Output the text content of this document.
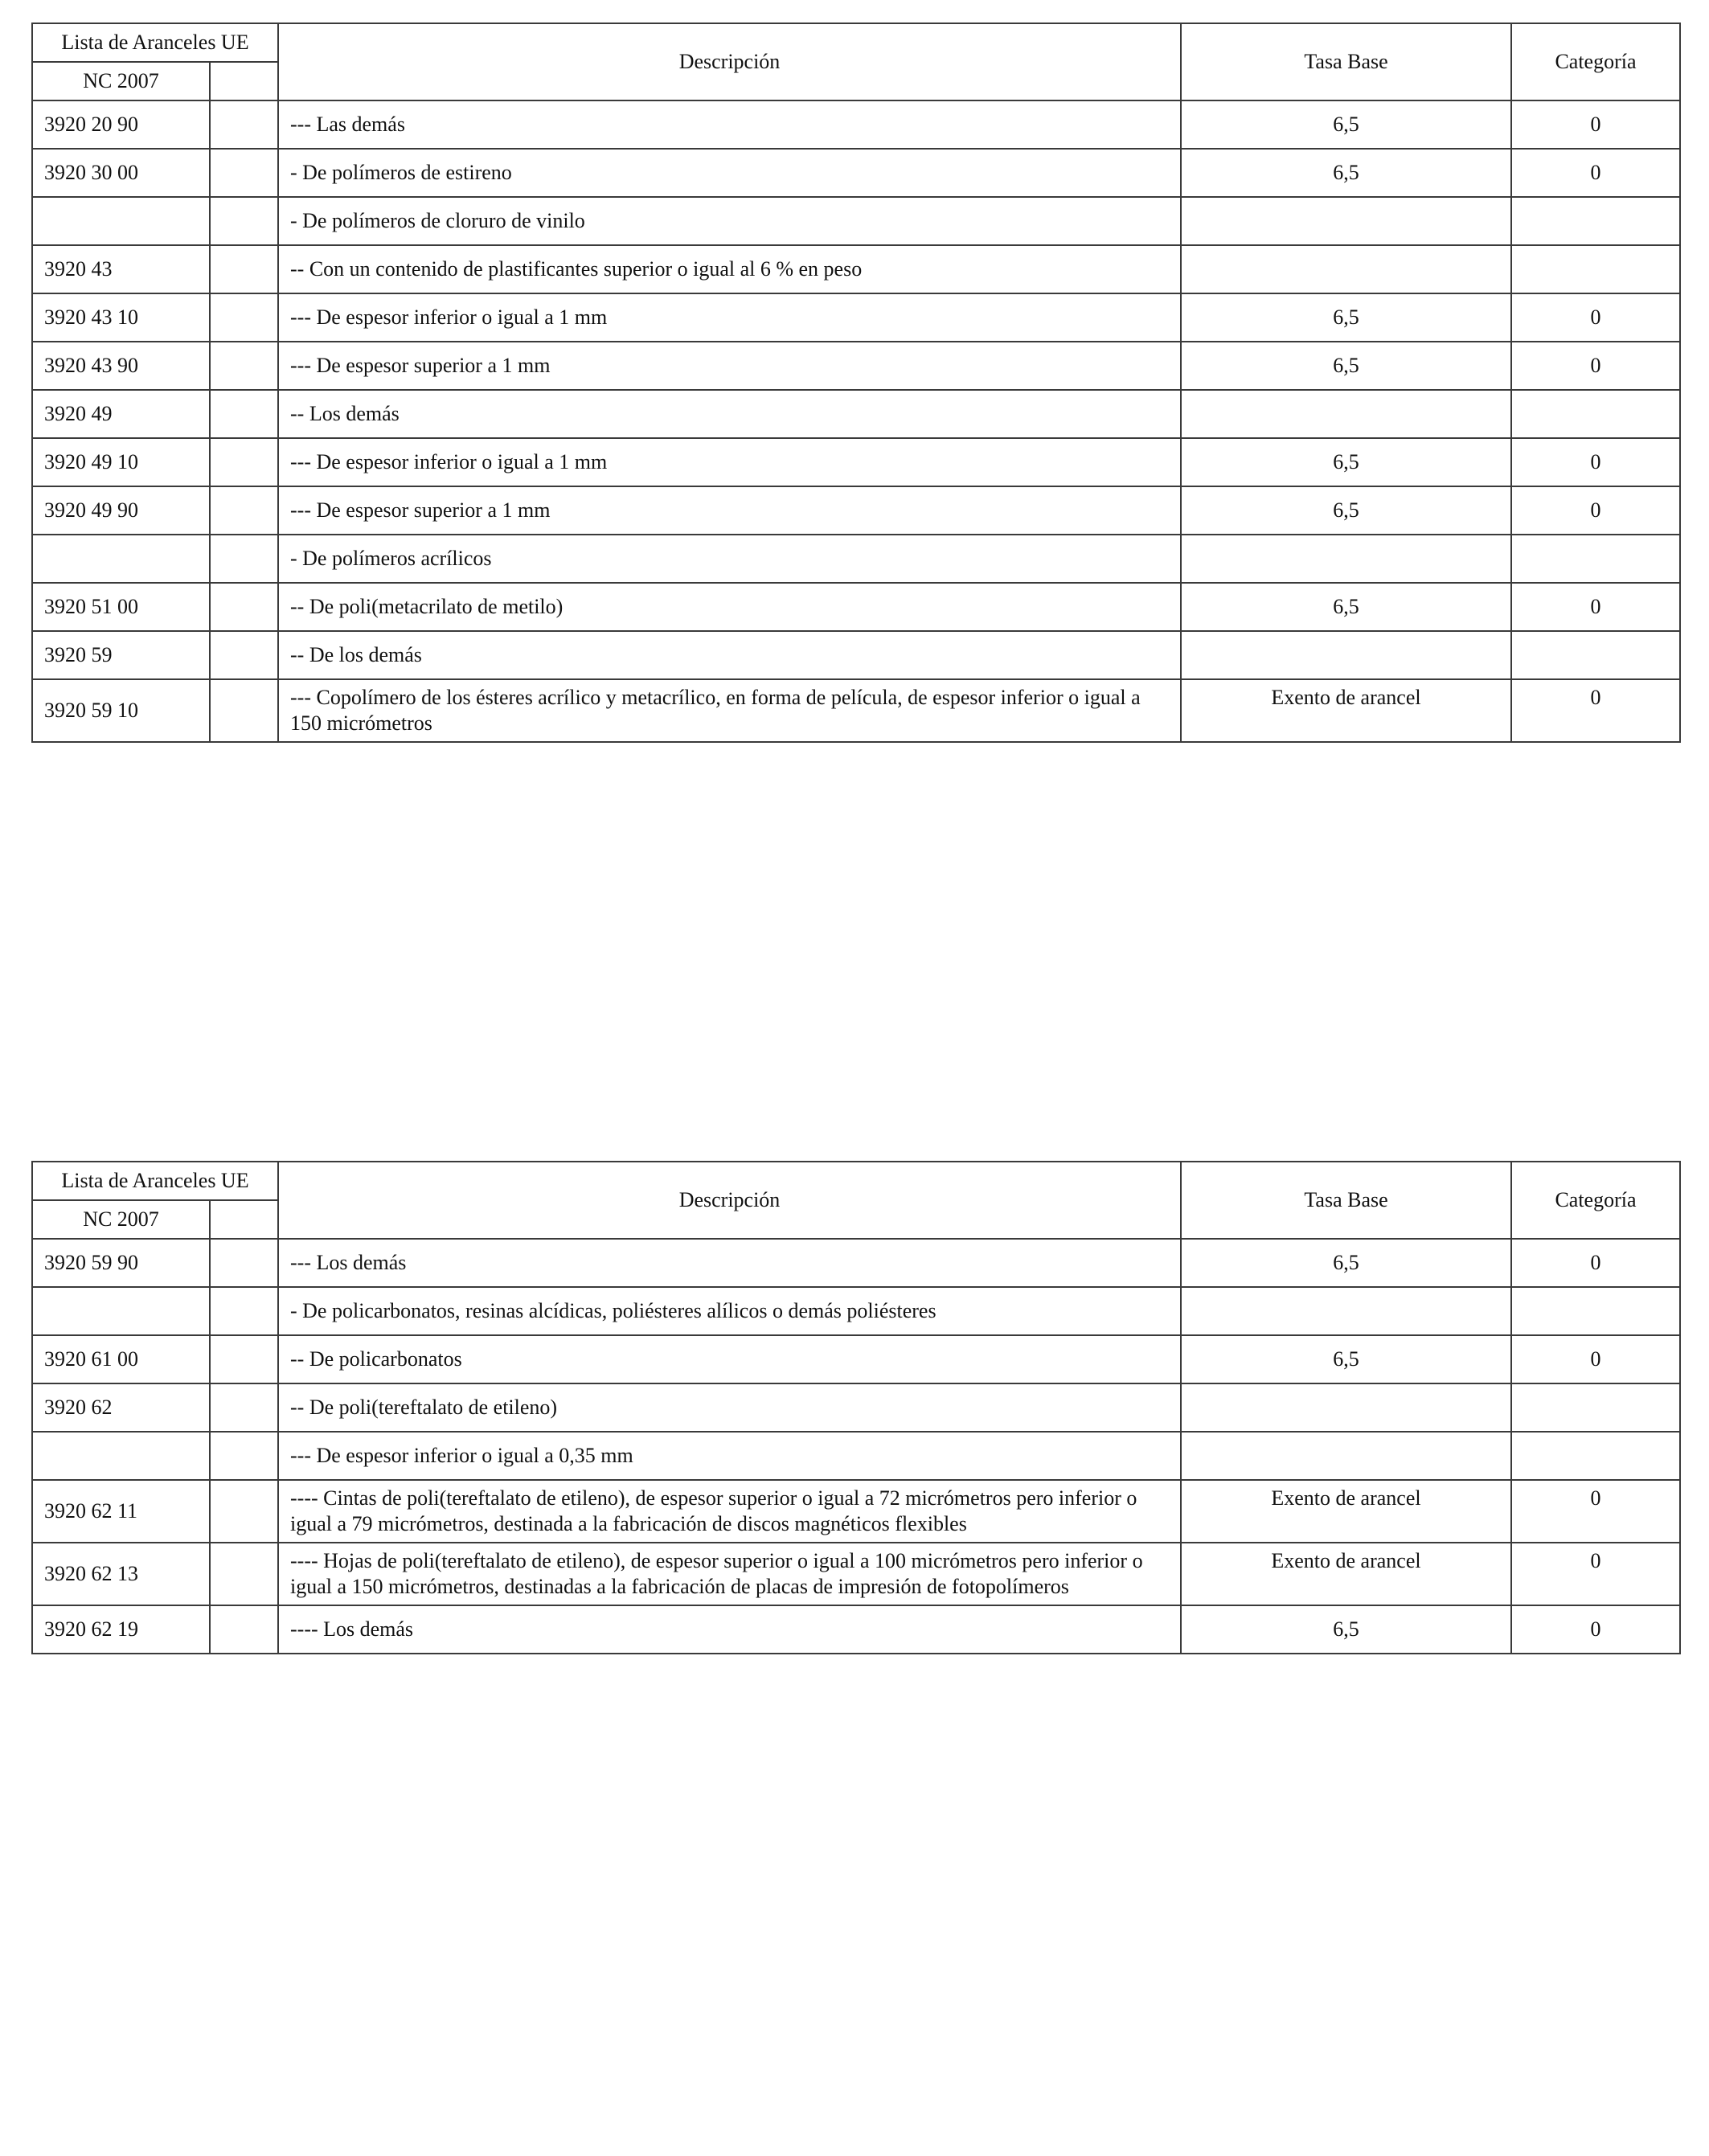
Lista de Aranceles UE		Descripción	Tasa Base	Categoría
NC 2007				
3920 20 90		--- Las demás	6,5	0
3920 30 00		- De polímeros de estireno	6,5	0
		- De polímeros de cloruro de vinilo		
3920 43		-- Con un contenido de plastificantes superior o igual al 6 % en peso		
3920 43 10		--- De espesor inferior o igual a 1 mm	6,5	0
3920 43 90		--- De espesor superior a 1 mm	6,5	0
3920 49		-- Los demás		
3920 49 10		--- De espesor inferior o igual a 1 mm	6,5	0
3920 49 90		--- De espesor superior a 1 mm	6,5	0
		- De polímeros acrílicos		
3920 51 00		-- De poli(metacrilato de metilo)	6,5	0
3920 59		-- De los demás		
3920 59 10		--- Copolímero de los ésteres acrílico y metacrílico, en forma de película, de espesor inferior o igual a 150 micrómetros	Exento de arancel	0
Lista de Aranceles UE		Descripción	Tasa Base	Categoría
NC 2007				
3920 59 90		--- Los demás	6,5	0
		- De policarbonatos, resinas alcídicas, poliésteres alílicos o demás poliésteres		
3920 61 00		-- De policarbonatos	6,5	0
3920 62		-- De poli(tereftalato de etileno)		
		--- De espesor inferior o igual a 0,35 mm		
3920 62 11		---- Cintas de poli(tereftalato de etileno), de espesor superior o igual a 72 micrómetros pero inferior o igual a 79 micrómetros, destinada a la fabricación de discos magnéticos flexibles	Exento de arancel	0
3920 62 13		---- Hojas de poli(tereftalato de etileno), de espesor superior o igual a 100 micrómetros pero inferior o igual a 150 micrómetros, destinadas a la fabricación de placas de impresión de fotopolímeros	Exento de arancel	0
3920 62 19		---- Los demás	6,5	0
